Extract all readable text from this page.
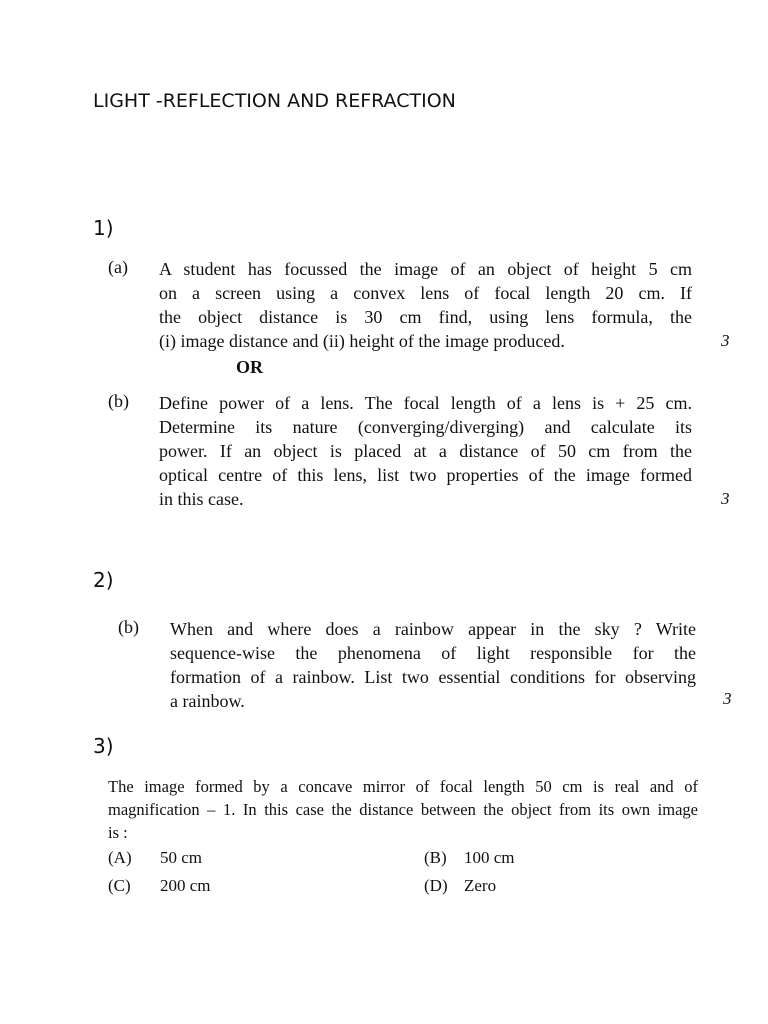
LIGHT -REFLECTION AND REFRACTION
1)
(a) A student has focussed the image of an object of height 5 cm
on a screen using a convex lens of focal length 20 cm. If
the object distance is 30 cm find, using lens formula, the
(i) image distance and (ii) height of the image produced.	3
OR
(b) Define power of a lens. The focal length of a lens is + 25 cm.
Determine its nature (converging/diverging) and calculate its
power. If an object is placed at a distance of 50 cm from the
optical centre of this lens, list two properties of the image formed
in this case.	3
2)
(b) When and where does a rainbow appear in the sky ? Write
sequence-wise the phenomena of light responsible for the
formation of a rainbow. List two essential conditions for observing
a rainbow.	3
3)
The image formed by a concave mirror of focal length 50 cm is real and of
magnification – 1. In this case the distance between the object from its own image
is :
(A) 50 cm	(B) 100 cm
(C) 200 cm	(D) Zero
